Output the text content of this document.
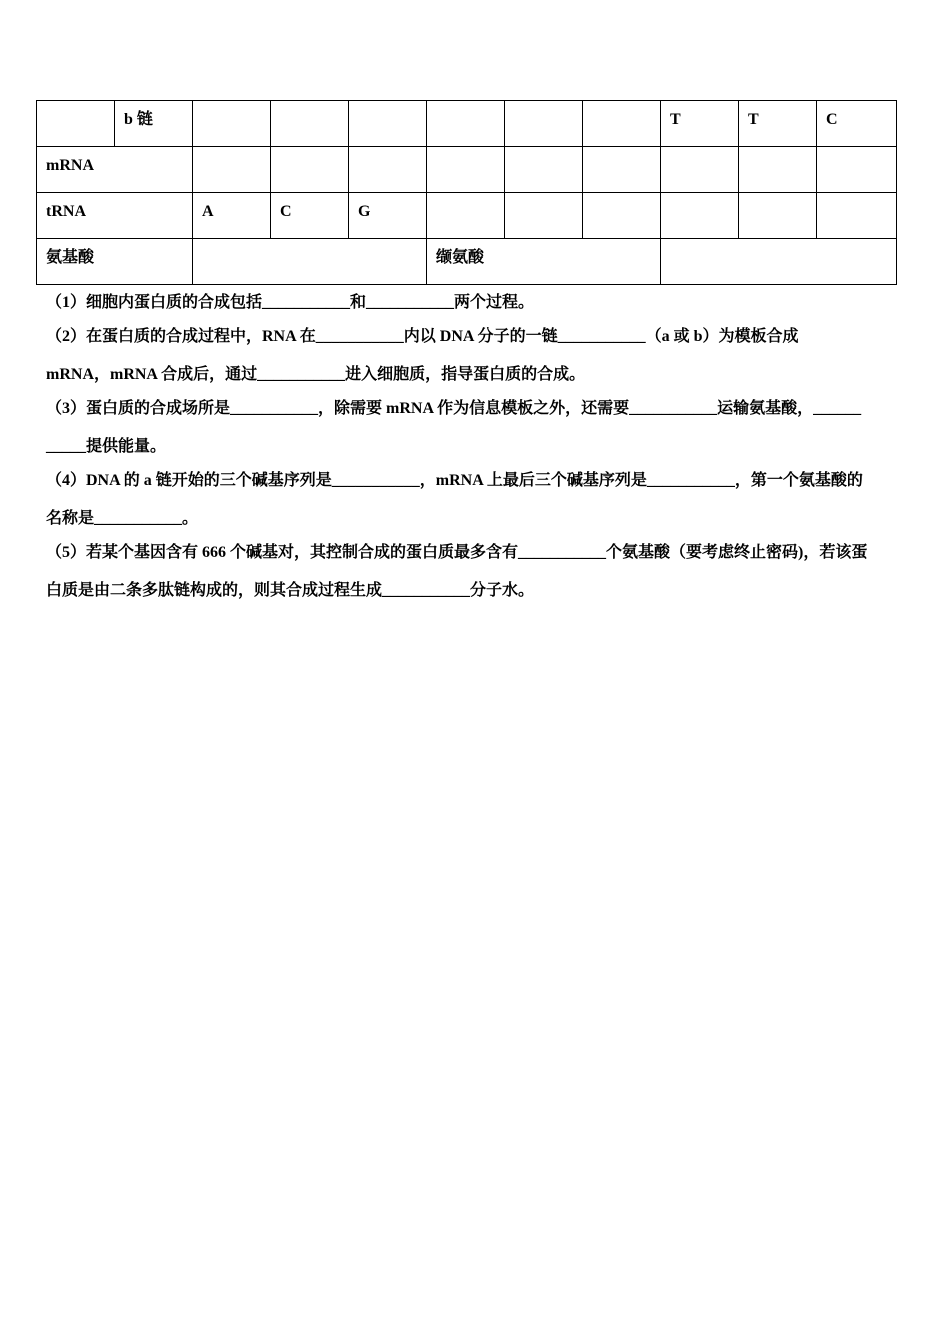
	b 链							T	T	C
mRNA										
tRNA		A	C	G						
氨基酸					缬氨酸					

（1）细胞内蛋白质的合成包括___________和___________两个过程。

（2）在蛋白质的合成过程中，RNA 在___________内以 DNA 分子的一链___________（a 或 b）为模板合成
mRNA，mRNA 合成后，通过___________进入细胞质，指导蛋白质的合成。

（3）蛋白质的合成场所是___________，除需要 mRNA 作为信息模板之外，还需要___________运输氨基酸，______
_____提供能量。

（4）DNA 的 a 链开始的三个碱基序列是___________，mRNA 上最后三个碱基序列是___________，第一个氨基酸的
名称是___________。

（5）若某个基因含有 666 个碱基对，其控制合成的蛋白质最多含有___________个氨基酸（要考虑终止密码)，若该蛋
白质是由二条多肽链构成的，则其合成过程生成___________分子水。
